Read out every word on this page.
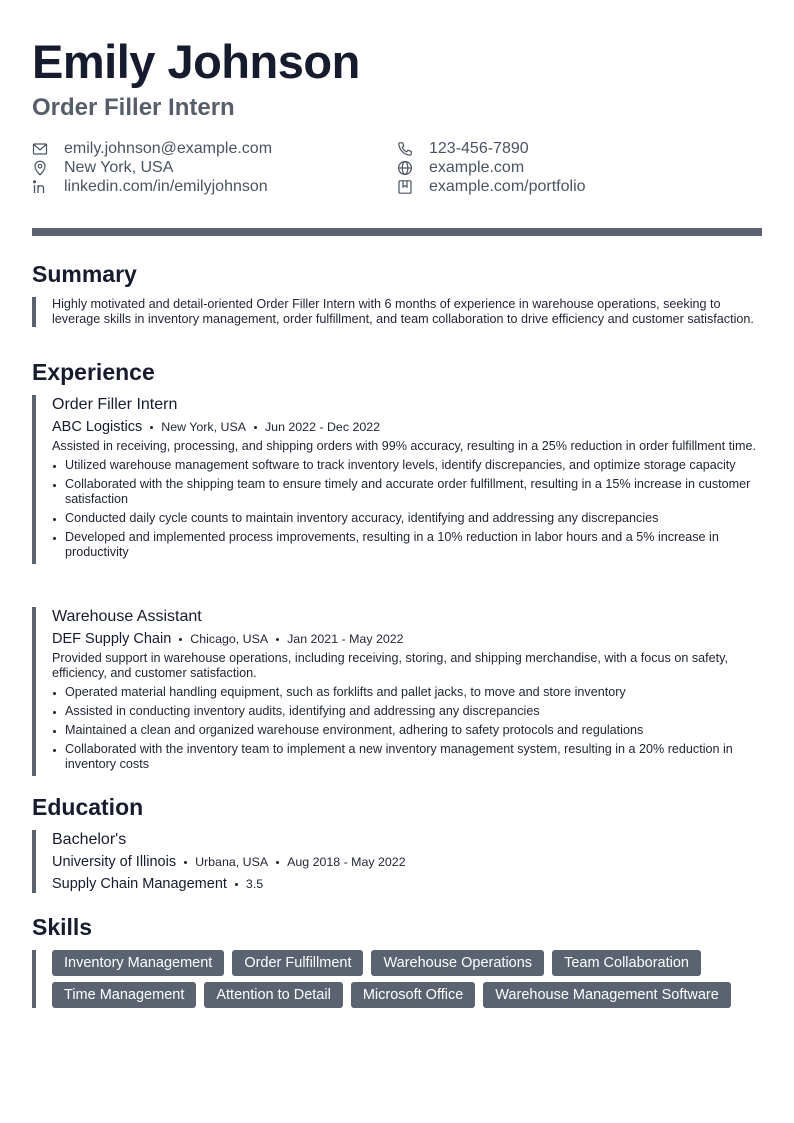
Emily Johnson
Order Filler Intern
emily.johnson@example.com	123-456-7890
New York, USA	example.com
linkedin.com/in/emilyjohnson	example.com/portfolio
Summary

Highly motivated and detail-oriented Order Filler Intern with 6 months of experience in warehouse operations, seeking to leverage skills in inventory management, order fulfillment, and team collaboration to drive efficiency and customer satisfaction.

Experience
Order Filler Intern
ABC Logistics New York, USA Jun 2022 - Dec 2022

Assisted in receiving, processing, and shipping orders with 99% accuracy, resulting in a 25% reduction in order fulfillment time.

Utilized warehouse management software to track inventory levels, identify discrepancies, and optimize storage capacity
Collaborated with the shipping team to ensure timely and accurate order fulfillment, resulting in a 15% increase in customer satisfaction
Conducted daily cycle counts to maintain inventory accuracy, identifying and addressing any discrepancies
Developed and implemented process improvements, resulting in a 10% reduction in labor hours and a 5% increase in productivity
Warehouse Assistant
DEF Supply Chain Chicago, USA Jan 2021 - May 2022

Provided support in warehouse operations, including receiving, storing, and shipping merchandise, with a focus on safety, efficiency, and customer satisfaction.

Operated material handling equipment, such as forklifts and pallet jacks, to move and store inventory
Assisted in conducting inventory audits, identifying and addressing any discrepancies
Maintained a clean and organized warehouse environment, adhering to safety protocols and regulations
Collaborated with the inventory team to implement a new inventory management system, resulting in a 20% reduction in inventory costs
Education
Bachelor's
University of Illinois Urbana, USA Aug 2018 - May 2022
Supply Chain Management 3.5
Skills
Inventory Management	Order Fulfillment	Warehouse Operations	Team Collaboration
Time Management	Attention to Detail	Microsoft Office	Warehouse Management Software
